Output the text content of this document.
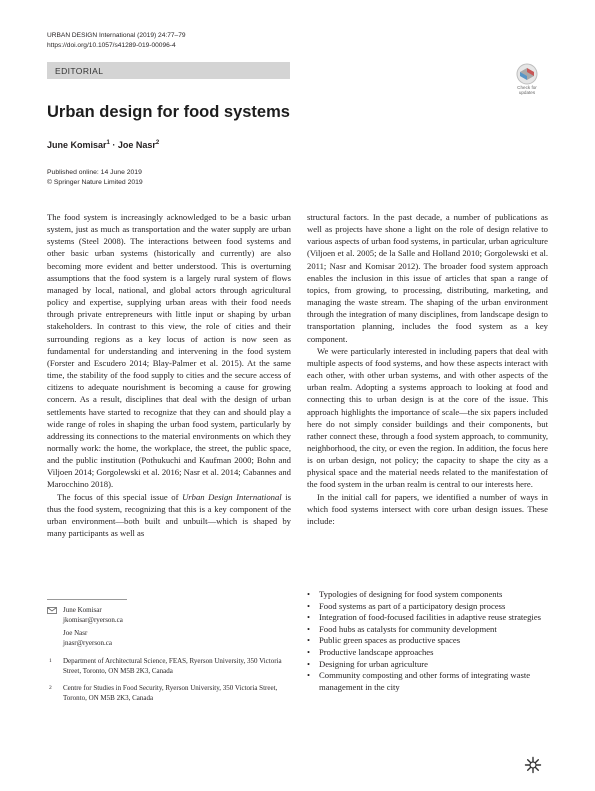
URBAN DESIGN International (2019) 24:77–79
https://doi.org/10.1057/s41289-019-00096-4
EDITORIAL
Check for
updates
Urban design for food systems
June Komisar$^1$ · Joe Nasr$^2$
Published online: 14 June 2019
© Springer Nature Limited 2019

The food system is increasingly acknowledged to be a basic urban system, just as much as transportation and the water supply are urban systems (Steel 2008). The interactions between food systems and other basic urban systems (historically and currently) are also becoming more evident and better understood. This is overturning assumptions that the food system is a largely rural system of flows managed by local, national, and global actors through agricultural policy and expertise, supplying urban areas with their food needs through private entrepreneurs with little input or shaping by urban stakeholders. In contrast to this view, the role of cities and their surrounding regions as a key locus of action is now seen as fundamental for understanding and intervening in the food system (Forster and Escudero 2014; Blay-Palmer et al. 2015). At the same time, the stability of the food supply to cities and the secure access of citizens to adequate nourishment is becoming a cause for growing concern. As a result, disciplines that deal with the design of urban settlements have started to recognize that they can and should play a wide range of roles in shaping the urban food system, particularly by addressing its connections to the material environments on which they normally work: the home, the workplace, the street, the public space, and the public institution (Pothukuchi and Kaufman 2000; Bohn and Viljoen 2014; Gorgolewski et al. 2016; Nasr et al. 2014; Cabannes and Marocchino 2018).

The focus of this special issue of Urban Design International is thus the food system, recognizing that this is a key component of the urban environment—both built and unbuilt—which is shaped by many participants as well as

structural factors. In the past decade, a number of publications as well as projects have shone a light on the role of design relative to various aspects of urban food systems, in particular, urban agriculture (Viljoen et al. 2005; de la Salle and Holland 2010; Gorgolewski et al. 2011; Nasr and Komisar 2012). The broader food system approach enables the inclusion in this issue of articles that span a range of topics, from growing, to processing, distributing, marketing, and managing the waste stream. The shaping of the urban environment through the integration of many disciplines, from landscape design to transportation planning, includes the food system as a key component.

We were particularly interested in including papers that deal with multiple aspects of food systems, and how these aspects interact with each other, with other urban systems, and with other aspects of the urban realm. Adopting a systems approach to looking at food and connecting this to urban design is at the core of the issue. This approach highlights the importance of scale—the six papers included here do not simply consider buildings and their components, but rather connect these, through a food system approach, to community, neighborhood, the city, or even the region. In addition, the focus here is on urban design, not policy; the capacity to shape the city as a physical space and the material needs related to the manifestation of the food system in the urban realm is central to our interests here.

In the initial call for papers, we identified a number of ways in which food systems intersect with core urban design issues. These include:

• Typologies of designing for food system components
• Food systems as part of a participatory design process
• Integration of food-focused facilities in adaptive reuse strategies
• Food hubs as catalysts for community development
• Public green spaces as productive spaces
• Productive landscape approaches
• Designing for urban agriculture
• Community composting and other forms of integrating waste management in the city
June Komisar
jkomisar@ryerson.ca
Joe Nasr
jnasr@ryerson.ca
1 Department of Architectural Science, FEAS, Ryerson University, 350 Victoria Street, Toronto, ON M5B 2K3, Canada
2 Centre for Studies in Food Security, Ryerson University, 350 Victoria Street, Toronto, ON M5B 2K3, Canada
